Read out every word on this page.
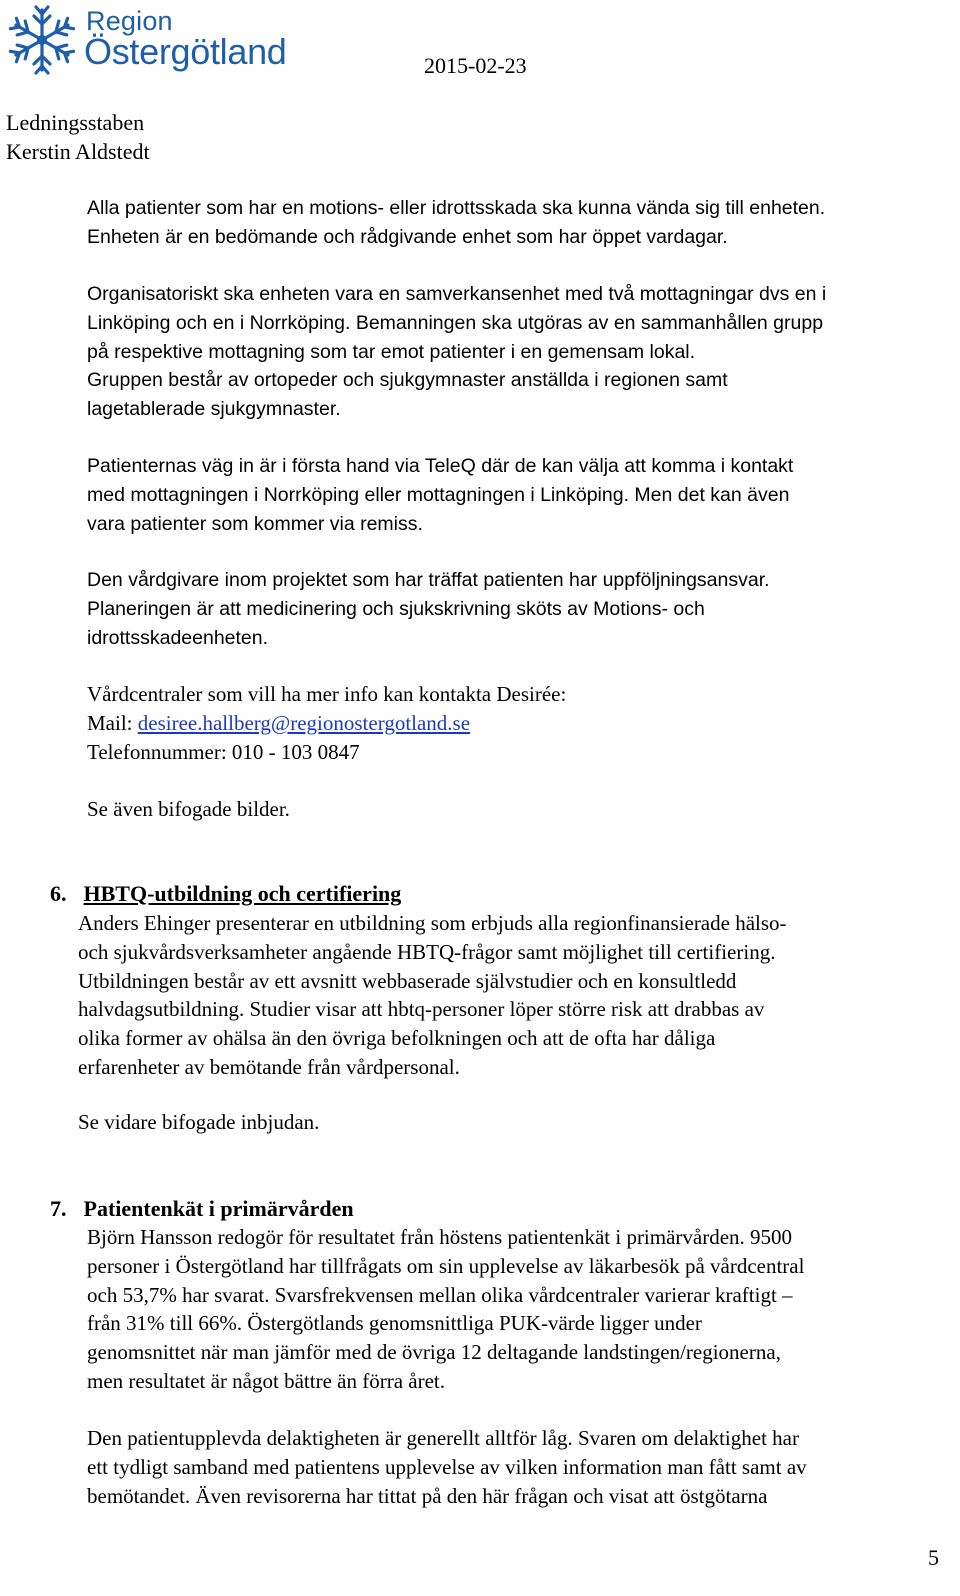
Region
Östergötland	2015-02-23
Ledningsstaben
Kerstin Aldstedt
Alla patienter som har en motions- eller idrottsskada ska kunna vända sig till enheten.
Enheten är en bedömande och rådgivande enhet som har öppet vardagar.
Organisatoriskt ska enheten vara en samverkansenhet med två mottagningar dvs en i
Linköping och en i Norrköping. Bemanningen ska utgöras av en sammanhållen grupp
på respektive mottagning som tar emot patienter i en gemensam lokal.
Gruppen består av ortopeder och sjukgymnaster anställda i regionen samt
lagetablerade sjukgymnaster.
Patienternas väg in är i första hand via TeleQ där de kan välja att komma i kontakt
med mottagningen i Norrköping eller mottagningen i Linköping. Men det kan även
vara patienter som kommer via remiss.
Den vårdgivare inom projektet som har träffat patienten har uppföljningsansvar.
Planeringen är att medicinering och sjukskrivning sköts av Motions- och
idrottsskadeenheten.
Vårdcentraler som vill ha mer info kan kontakta Desirée:
Mail: desiree.hallberg@regionostergotland.se
Telefonnummer: 010 - 103 0847
Se även bifogade bilder.
6. HBTQ-utbildning och certifiering
Anders Ehinger presenterar en utbildning som erbjuds alla regionfinansierade hälso-
och sjukvårdsverksamheter angående HBTQ-frågor samt möjlighet till certifiering.
Utbildningen består av ett avsnitt webbaserade självstudier och en konsultledd
halvdagsutbildning. Studier visar att hbtq-personer löper större risk att drabbas av
olika former av ohälsa än den övriga befolkningen och att de ofta har dåliga
erfarenheter av bemötande från vårdpersonal.
Se vidare bifogade inbjudan.
7. Patientenkät i primärvården
Björn Hansson redogör för resultatet från höstens patientenkät i primärvården. 9500
personer i Östergötland har tillfrågats om sin upplevelse av läkarbesök på vårdcentral
och 53,7% har svarat. Svarsfrekvensen mellan olika vårdcentraler varierar kraftigt –
från 31% till 66%. Östergötlands genomsnittliga PUK-värde ligger under
genomsnittet när man jämför med de övriga 12 deltagande landstingen/regionerna,
men resultatet är något bättre än förra året.
Den patientupplevda delaktigheten är generellt alltför låg. Svaren om delaktighet har
ett tydligt samband med patientens upplevelse av vilken information man fått samt av
bemötandet. Även revisorerna har tittat på den här frågan och visat att östgötarna
5
